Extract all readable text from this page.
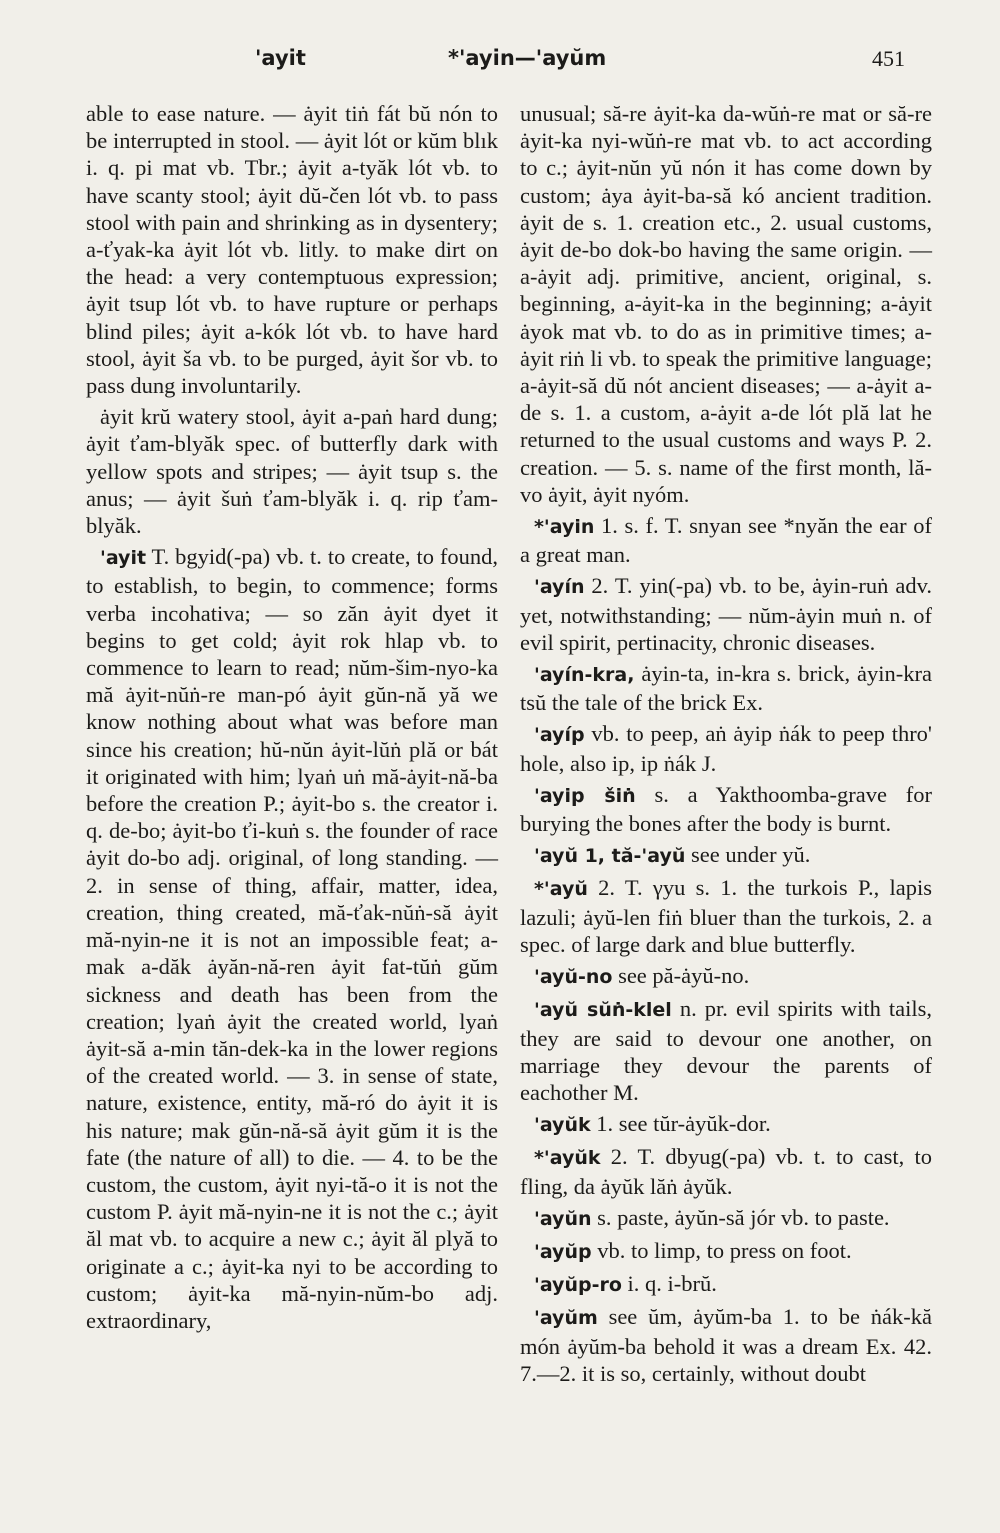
'ayit	*'ayin—'ayŭm	451

able to ease nature. — ȧyit tiṅ fát bŭ nón to be interrupted in stool. — ȧyit lót or kŭm blık i. q. pi mat vb. Tbr.; ȧyit a-tyăk lót vb. to have scanty stool; ȧyit dŭ-čen lót vb. to pass stool with pain and shrinking as in dysentery; a-ťyak-ka ȧyit lót vb. litly. to make dirt on the head: a very contemptuous expression; ȧyit tsup lót vb. to have rupture or perhaps blind piles; ȧyit a-kók lót vb. to have hard stool, ȧyit ša vb. to be purged, ȧyit šor vb. to pass dung involuntarily.

ȧyit krŭ watery stool, ȧyit a-paṅ hard dung; ȧyit ťam-blyăk spec. of butterfly dark with yellow spots and stripes; — ȧyit tsup s. the anus; — ȧyit šuṅ ťam-blyăk i. q. rip ťam-blyăk.

'ayit T. bgyid(-pa) vb. t. to create, to found, to establish, to begin, to commence; forms verba incohativa; — so zăn ȧyit dyet it begins to get cold; ȧyit rok hlap vb. to commence to learn to read; nŭm-šim-nyo-ka mă ȧyit-nŭṅ-re man-pó ȧyit gŭn-nă yă we know nothing about what was before man since his creation; hŭ-nŭn ȧyit-lŭṅ plă or bát it originated with him; lyaṅ uṅ mă-ȧyit-nă-ba before the creation P.; ȧyit-bo s. the creator i. q. de-bo; ȧyit-bo ťi-kuṅ s. the founder of race ȧyit do-bo adj. original, of long standing. — 2. in sense of thing, affair, matter, idea, creation, thing created, mă-ťak-nŭṅ-să ȧyit mă-nyin-ne it is not an impossible feat; a-mak a-dăk ȧyăn-nă-ren ȧyit fat-tŭṅ gŭm sickness and death has been from the creation; lyaṅ ȧyit the created world, lyaṅ ȧyit-să a-min tăn-dek-ka in the lower regions of the created world. — 3. in sense of state, nature, existence, entity, mă-ró do ȧyit it is his nature; mak gŭn-nă-să ȧyit gŭm it is the fate (the nature of all) to die. — 4. to be the custom, the custom, ȧyit nyi-tă-o it is not the custom P. ȧyit mă-nyin-ne it is not the c.; ȧyit ăl mat vb. to acquire a new c.; ȧyit ăl plyă to originate a c.; ȧyit-ka nyi to be according to custom; ȧyit-ka mă-nyin-nŭm-bo adj. extraordinary,

unusual; să-re ȧyit-ka da-wŭṅ-re mat or să-re ȧyit-ka nyi-wŭṅ-re mat vb. to act according to c.; ȧyit-nŭn yŭ nón it has come down by custom; ȧya ȧyit-ba-să kó ancient tradition. ȧyit de s. 1. creation etc., 2. usual customs, ȧyit de-bo dok-bo having the same origin. — a-ȧyit adj. primitive, ancient, original, s. beginning, a-ȧyit-ka in the beginning; a-ȧyit ȧyok mat vb. to do as in primitive times; a-ȧyit riṅ li vb. to speak the primitive language; a-ȧyit-să dŭ nót ancient diseases; — a-ȧyit a-de s. 1. a custom, a-ȧyit a-de lót plă lat he returned to the usual customs and ways P. 2. creation. — 5. s. name of the first month, lă-vo ȧyit, ȧyit nyóm.

*'ayin 1. s. f. T. snyan see *nyăn the ear of a great man.

'ayín 2. T. yin(-pa) vb. to be, ȧyin-ruṅ adv. yet, notwithstanding; — nŭm-ȧyin muṅ n. of evil spirit, pertinacity, chronic diseases.

'ayín-kra, ȧyin-ta, in-kra s. brick, ȧyin-kra tsŭ the tale of the brick Ex.

'ayíp vb. to peep, aṅ ȧyip ṅák to peep thro' hole, also ip, ip ṅák J.

'ayip šiṅ s. a Yakthoomba-grave for burying the bones after the body is burnt.

'ayŭ 1, tă-'ayŭ see under yŭ.

*'ayŭ 2. T. γyu s. 1. the turkois P., lapis lazuli; ȧyŭ-len fiṅ bluer than the turkois, 2. a spec. of large dark and blue butterfly.

'ayŭ-no see pă-ȧyŭ-no.

'ayŭ sŭṅ-klel n. pr. evil spirits with tails, they are said to devour one another, on marriage they devour the parents of eachother M.

'ayŭk 1. see tŭr-ȧyŭk-dor.

*'ayŭk 2. T. dbyug(-pa) vb. t. to cast, to fling, da ȧyŭk lăṅ ȧyŭk.

'ayŭn s. paste, ȧyŭn-să jór vb. to paste.

'ayŭp vb. to limp, to press on foot.

'ayŭp-ro i. q. i-brŭ.

'ayŭm see ŭm, ȧyŭm-ba 1. to be ṅák-kă món ȧyŭm-ba behold it was a dream Ex. 42. 7.—2. it is so, certainly, without doubt
